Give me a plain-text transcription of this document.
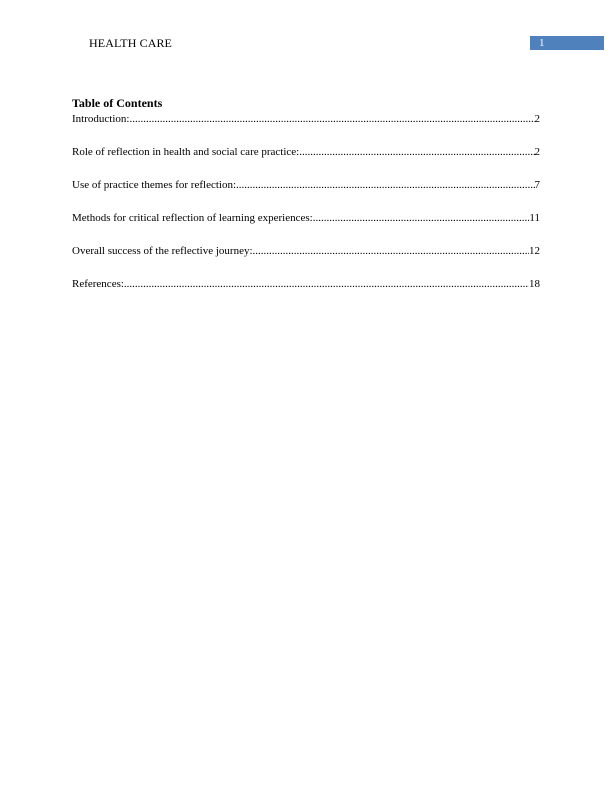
HEALTH CARE	1

Table of Contents

Introduction: .....	2
Role of reflection in health and social care practice: .....	2
Use of practice themes for reflection: .....	7
Methods for critical reflection of learning experiences: .....	11
Overall success of the reflective journey: .....	12
References: .....	18
